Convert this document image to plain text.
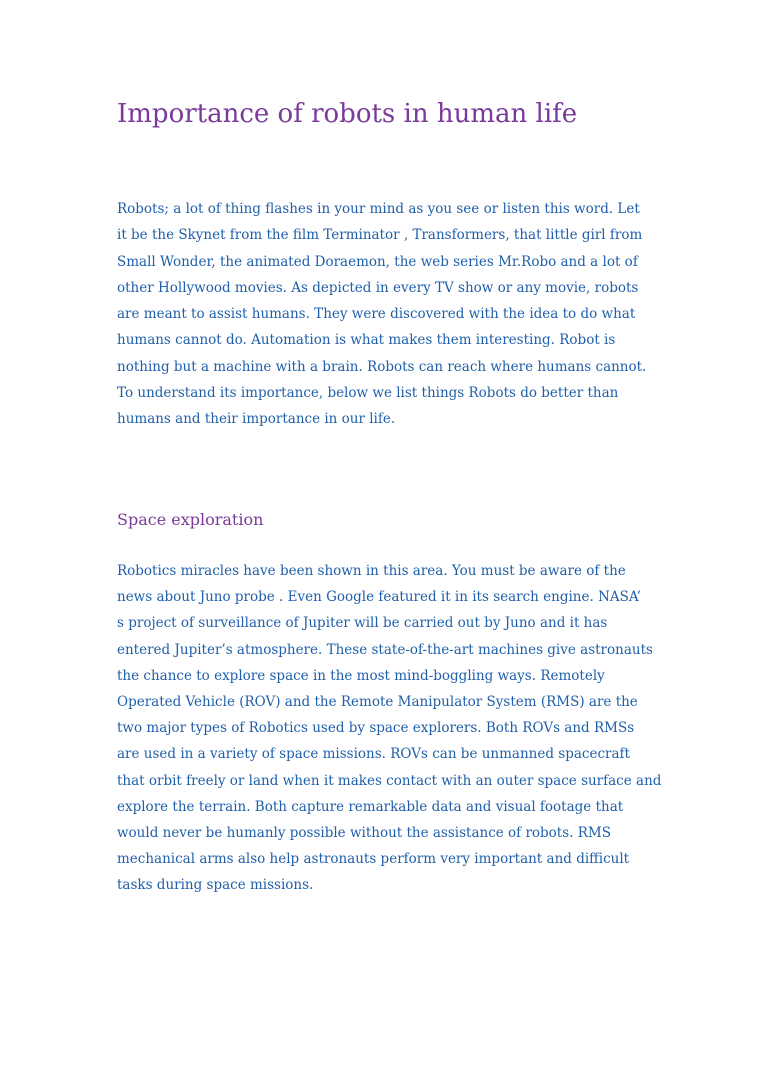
Importance of robots in human life
Robots; a lot of thing flashes in your mind as you see or listen this word. Let
it be the Skynet from the film Terminator , Transformers, that little girl from
Small Wonder, the animated Doraemon, the web series Mr.Robo and a lot of
other Hollywood movies. As depicted in every TV show or any movie, robots
are meant to assist humans. They were discovered with the idea to do what
humans cannot do. Automation is what makes them interesting. Robot is
nothing but a machine with a brain. Robots can reach where humans cannot.
To understand its importance, below we list things Robots do better than
humans and their importance in our life.
Space exploration
Robotics miracles have been shown in this area. You must be aware of the
news about Juno probe . Even Google featured it in its search engine. NASA’
s project of surveillance of Jupiter will be carried out by Juno and it has
entered Jupiter’s atmosphere. These state-of-the-art machines give astronauts
the chance to explore space in the most mind-boggling ways. Remotely
Operated Vehicle (ROV) and the Remote Manipulator System (RMS) are the
two major types of Robotics used by space explorers. Both ROVs and RMSs
are used in a variety of space missions. ROVs can be unmanned spacecraft
that orbit freely or land when it makes contact with an outer space surface and
explore the terrain. Both capture remarkable data and visual footage that
would never be humanly possible without the assistance of robots. RMS
mechanical arms also help astronauts perform very important and difficult
tasks during space missions.
